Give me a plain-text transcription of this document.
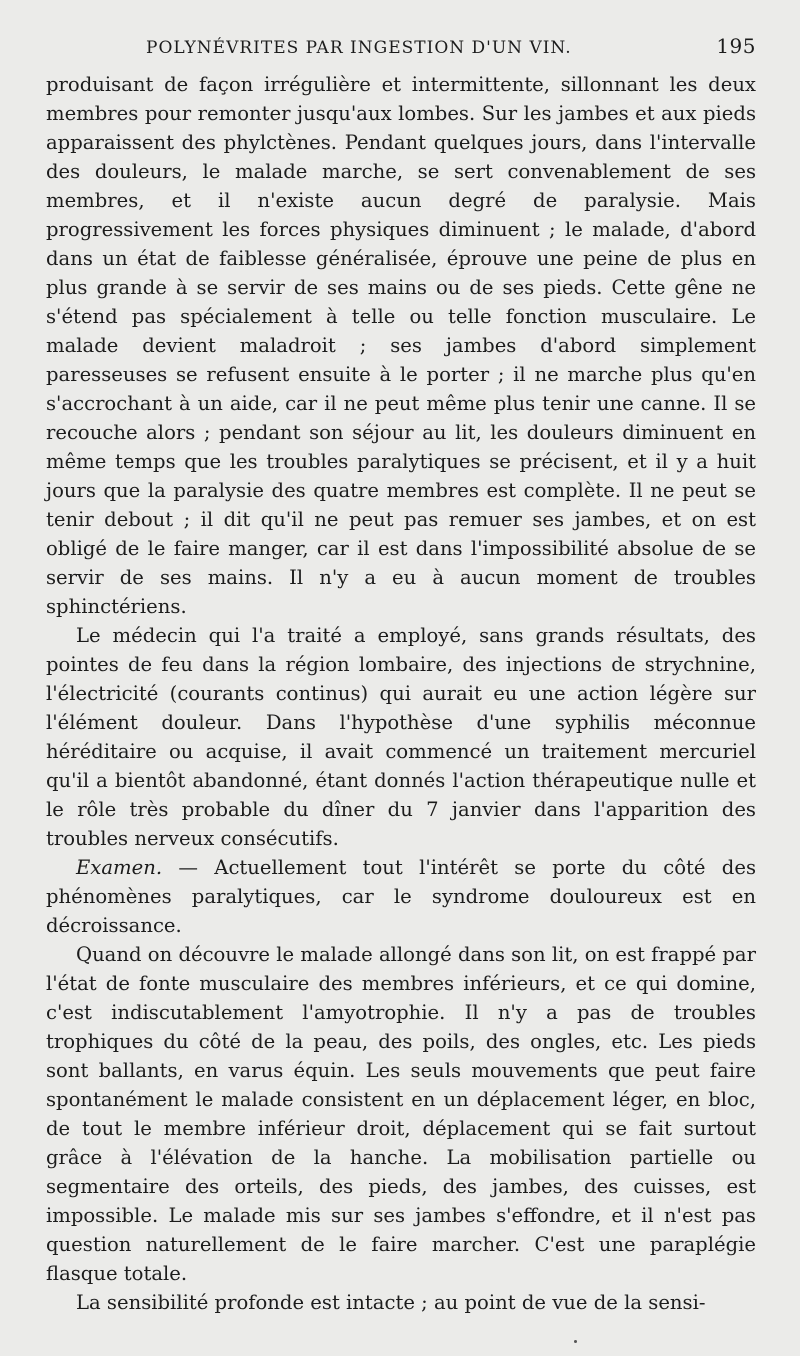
POLYNÉVRITES PAR INGESTION D'UN VIN.	195

produisant de façon irrégulière et intermittente, sillonnant les deux membres pour remonter jusqu'aux lombes. Sur les jambes et aux pieds apparaissent des phylctènes. Pendant quelques jours, dans l'intervalle des douleurs, le malade marche, se sert convenablement de ses membres, et il n'existe aucun degré de paralysie. Mais progressivement les forces physiques diminuent ; le malade, d'abord dans un état de faiblesse généralisée, éprouve une peine de plus en plus grande à se servir de ses mains ou de ses pieds. Cette gêne ne s'étend pas spécialement à telle ou telle fonction musculaire. Le malade devient maladroit ; ses jambes d'abord simplement paresseuses se refusent ensuite à le porter ; il ne marche plus qu'en s'accrochant à un aide, car il ne peut même plus tenir une canne. Il se recouche alors ; pendant son séjour au lit, les douleurs diminuent en même temps que les troubles paralytiques se précisent, et il y a huit jours que la paralysie des quatre membres est complète. Il ne peut se tenir debout ; il dit qu'il ne peut pas remuer ses jambes, et on est obligé de le faire manger, car il est dans l'impossibilité absolue de se servir de ses mains. Il n'y a eu à aucun moment de troubles sphinctériens.

Le médecin qui l'a traité a employé, sans grands résultats, des pointes de feu dans la région lombaire, des injections de strychnine, l'électricité (courants continus) qui aurait eu une action légère sur l'élément douleur. Dans l'hypothèse d'une syphilis méconnue héréditaire ou acquise, il avait commencé un traitement mercuriel qu'il a bientôt abandonné, étant donnés l'action thérapeutique nulle et le rôle très probable du dîner du 7 janvier dans l'apparition des troubles nerveux consécutifs.

Examen. — Actuellement tout l'intérêt se porte du côté des phénomènes paralytiques, car le syndrome douloureux est en décroissance.

Quand on découvre le malade allongé dans son lit, on est frappé par l'état de fonte musculaire des membres inférieurs, et ce qui domine, c'est indiscutablement l'amyotrophie. Il n'y a pas de troubles trophiques du côté de la peau, des poils, des ongles, etc. Les pieds sont ballants, en varus équin. Les seuls mouvements que peut faire spontanément le malade consistent en un déplacement léger, en bloc, de tout le membre inférieur droit, déplacement qui se fait surtout grâce à l'élévation de la hanche. La mobilisation partielle ou segmentaire des orteils, des pieds, des jambes, des cuisses, est impossible. Le malade mis sur ses jambes s'effondre, et il n'est pas question naturellement de le faire marcher. C'est une paraplégie flasque totale.

La sensibilité profonde est intacte ; au point de vue de la sensi-
